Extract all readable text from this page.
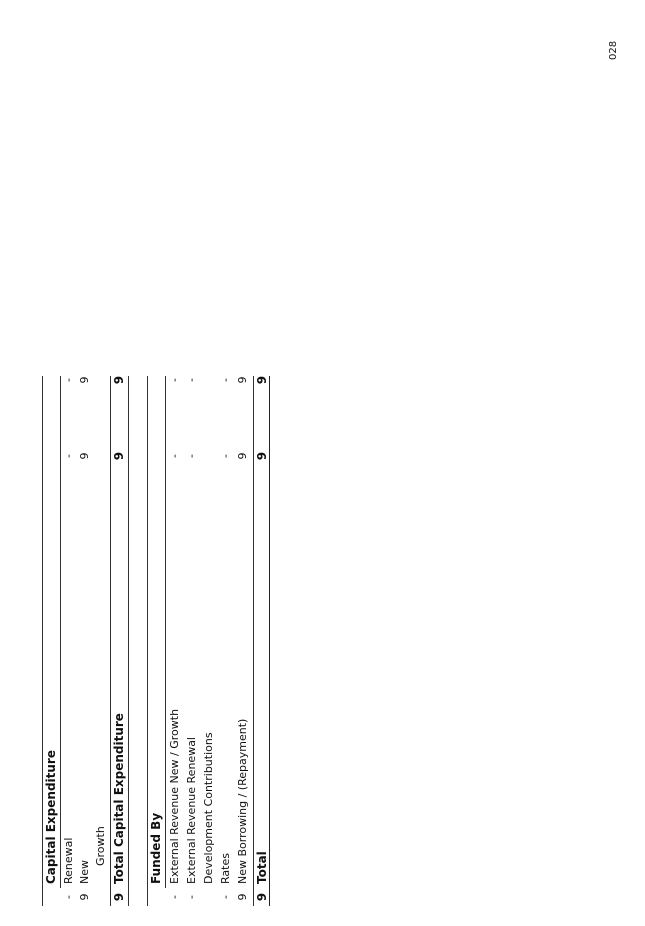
028
Capital Expenditure
-
Renewal
-
-
9
New
9
9
Growth
9
Total Capital Expenditure
9
9
Funded By
-
External Revenue New / Growth
-
-
-
External Revenue Renewal
-
-
Development Contributions
-
Rates
-
-
9
New Borrowing / (Repayment)
9
9
9
Total
9
9
